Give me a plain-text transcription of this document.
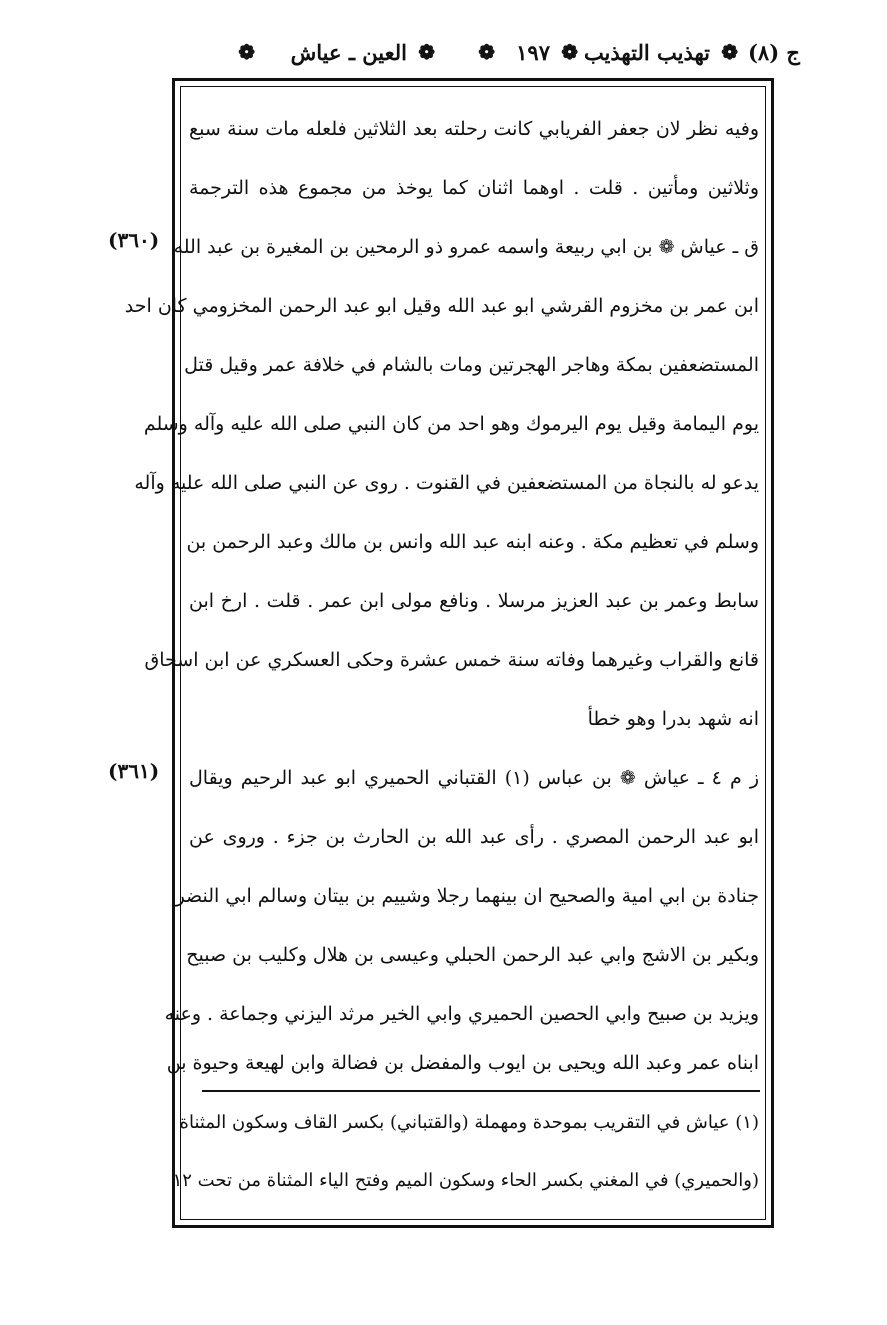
ج (٨)
❁
تهذيب التهذيب
❁
١٩٧
❁
❁
العين ـ عياش
❁
(٣٦٠)
(٣٦١)
وفيه نظر لان جعفر الفريابي كانت رحلته بعد الثلاثين فلعله مات سنة سبع
وثلاثين ومأتين . قلت . اوهما اثنان كما يوخذ من مجموع هذه الترجمة
ق ـ عياش ❁ بن ابي ربيعة واسمه عمرو ذو الرمحين بن المغيرة بن عبد الله
ابن عمر بن مخزوم القرشي ابو عبد الله وقيل ابو عبد الرحمن المخزومي كان احد
المستضعفين بمكة وهاجر الهجرتين ومات بالشام في خلافة عمر وقيل قتل
يوم اليمامة وقيل يوم اليرموك وهو احد من كان النبي صلى الله عليه وآله وسلم
يدعو له بالنجاة من المستضعفين في القنوت . روى عن النبي صلى الله عليه وآله
وسلم في تعظيم مكة . وعنه ابنه عبد الله وانس بن مالك وعبد الرحمن بن
سابط وعمر بن عبد العزيز مرسلا . ونافع مولى ابن عمر . قلت . ارخ ابن
قانع والقراب وغيرهما وفاته سنة خمس عشرة وحكى العسكري عن ابن اسحاق
انه شهد بدرا وهو خطأ
ز م ٤ ـ عياش ❁ بن عباس (١) القتباني الحميري ابو عبد الرحيم ويقال
ابو عبد الرحمن المصري . رأى عبد الله بن الحارث بن جزء . وروى عن
جنادة بن ابي امية والصحيح ان بينهما رجلا وشييم بن بيتان وسالم ابي النضر
وبكير بن الاشج وابي عبد الرحمن الحبلي وعيسى بن هلال وكليب بن صبيح
ويزيد بن صبيح وابي الحصين الحميري وابي الخير مرثد اليزني وجماعة . وعنه
ابناه عمر وعبد الله ويحيى بن ايوب والمفضل بن فضالة وابن لهيعة وحيوة بن
(١) عياش في التقريب بموحدة ومهملة (والقتباني) بكسر القاف وسكون المثناة
(والحميري) في المغني بكسر الحاء وسكون الميم وفتح الياء المثناة من تحت ١٢
